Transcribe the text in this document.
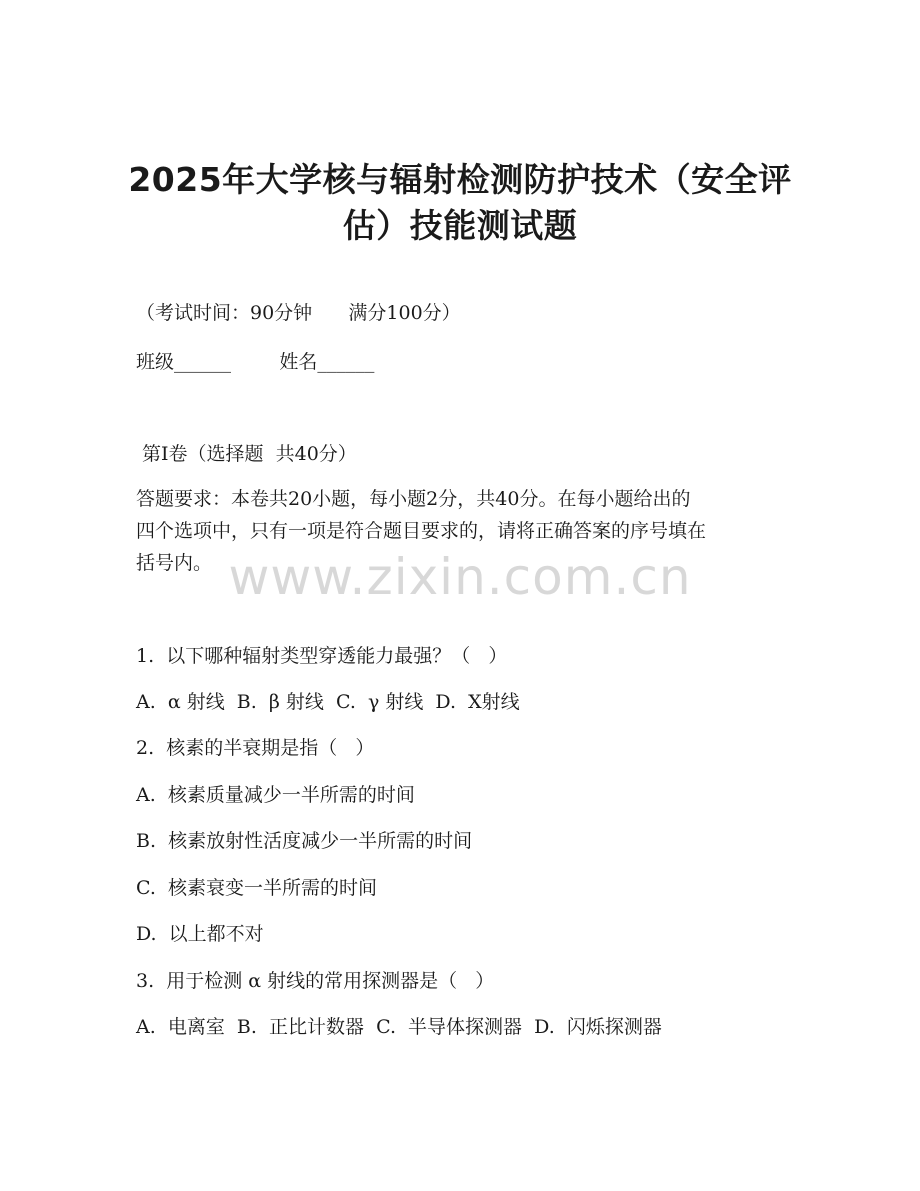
2025年大学核与辐射检测防护技术（安全评
估）技能测试题
（考试时间：90分钟      满分100分）
班级______        姓名______
第Ⅰ卷（选择题  共40分）
答题要求：本卷共20小题，每小题2分，共40分。在每小题给出的
四个选项中，只有一项是符合题目要求的，请将正确答案的序号填在
括号内。
1.  以下哪种辐射类型穿透能力最强？（   ）
A.  α 射线  B.  β 射线  C.  γ 射线  D.  X射线
2.  核素的半衰期是指（   ）
A.  核素质量减少一半所需的时间
B.  核素放射性活度减少一半所需的时间
C.  核素衰变一半所需的时间
D.  以上都不对
3.  用于检测 α 射线的常用探测器是（   ）
A.  电离室  B.  正比计数器  C.  半导体探测器  D.  闪烁探测器
www.zixin.com.cn
